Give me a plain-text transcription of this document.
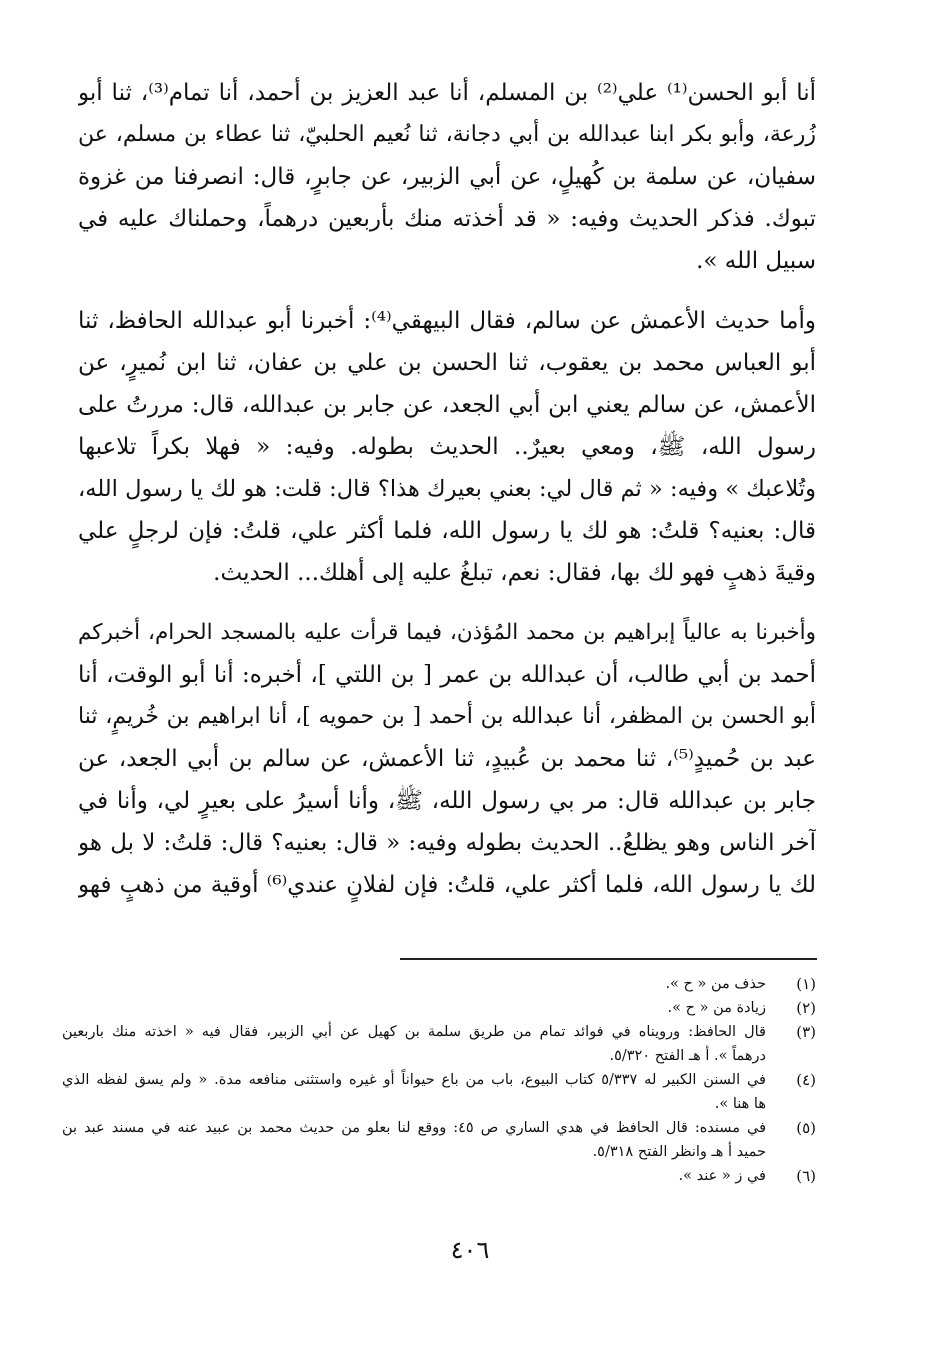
أنا أبو الحسن⁽¹⁾ علي⁽²⁾ بن المسلم، أنا عبد العزيز بن أحمد، أنا تمام⁽³⁾، ثنا أبو
زُرعة، وأبو بكر ابنا عبدالله بن أبي دجانة، ثنا نُعيم الحلبيّ، ثنا عطاء بن مسلم، عن
سفيان، عن سلمة بن كُهيلٍ، عن أبي الزبير، عن جابرٍ، قال: انصرفنا من غزوة
تبوك. فذكر الحديث وفيه: « قد أخذته منك بأربعين درهماً، وحملناك عليه في
سبيل الله ».
وأما حديث الأعمش عن سالم، فقال البيهقي⁽⁴⁾: أخبرنا أبو عبدالله الحافظ، ثنا
أبو العباس محمد بن يعقوب، ثنا الحسن بن علي بن عفان، ثنا ابن نُميرٍ، عن
الأعمش، عن سالم يعني ابن أبي الجعد، عن جابر بن عبدالله، قال: مررتُ على
رسول الله، ﷺ، ومعي بعيرٌ.. الحديث بطوله. وفيه: « فهلا بكراً تلاعبها
وتُلاعبك » وفيه: « ثم قال لي: بعني بعيرك هذا؟ قال: قلت: هو لك يا رسول الله،
قال: بعنيه؟ قلتُ: هو لك يا رسول الله، فلما أكثر علي، قلتُ: فإن لرجلٍ علي
وقيةَ ذهبٍ فهو لك بها، فقال: نعم، تبلغُ عليه إلى أهلك... الحديث.
وأخبرنا به عالياً إبراهيم بن محمد المُؤذن، فيما قرأت عليه بالمسجد الحرام، أخبركم
أحمد بن أبي طالب، أن عبدالله بن عمر [ بن اللتي ]، أخبره: أنا أبو الوقت، أنا
أبو الحسن بن المظفر، أنا عبدالله بن أحمد [ بن حمويه ]، أنا ابراهيم بن خُريمٍ، ثنا
عبد بن حُميدٍ⁽⁵⁾، ثنا محمد بن عُبيدٍ، ثنا الأعمش، عن سالم بن أبي الجعد، عن
جابر بن عبدالله قال: مر بي رسول الله، ﷺ، وأنا أسيرُ على بعيرٍ لي، وأنا في
آخر الناس وهو يظلعُ.. الحديث بطوله وفيه: « قال: بعنيه؟ قال: قلتُ: لا بل هو
لك يا رسول الله، فلما أكثر علي، قلتُ: فإن لفلانٍ عندي⁽⁶⁾ أوقية من ذهبٍ فهو
(١)
حذف من « ح ».
(٢)
زيادة من « ح ».
(٣)
قال الحافظ: ورويناه في فوائد تمام من طريق سلمة بن كهيل عن أبي الزبير، فقال فيه « اخذته منك باربعين
درهماً ». أ هـ الفتح ٥/٣٢٠.
(٤)
في السنن الكبير له ٥/٣٣٧ كتاب البيوع، باب من باع حيواناً أو غيره واستثنى منافعه مدة. « ولم يسق لفظه الذي
ها هنا ».
(٥)
في مسنده: قال الحافظ في هدي الساري ص ٤٥: ووقع لنا بعلو من حديث محمد بن عبيد عنه في مسند عبد بن
حميد أ هـ وانظر الفتح ٥/٣١٨.
(٦)
في ز « عند ».
٤٠٦
